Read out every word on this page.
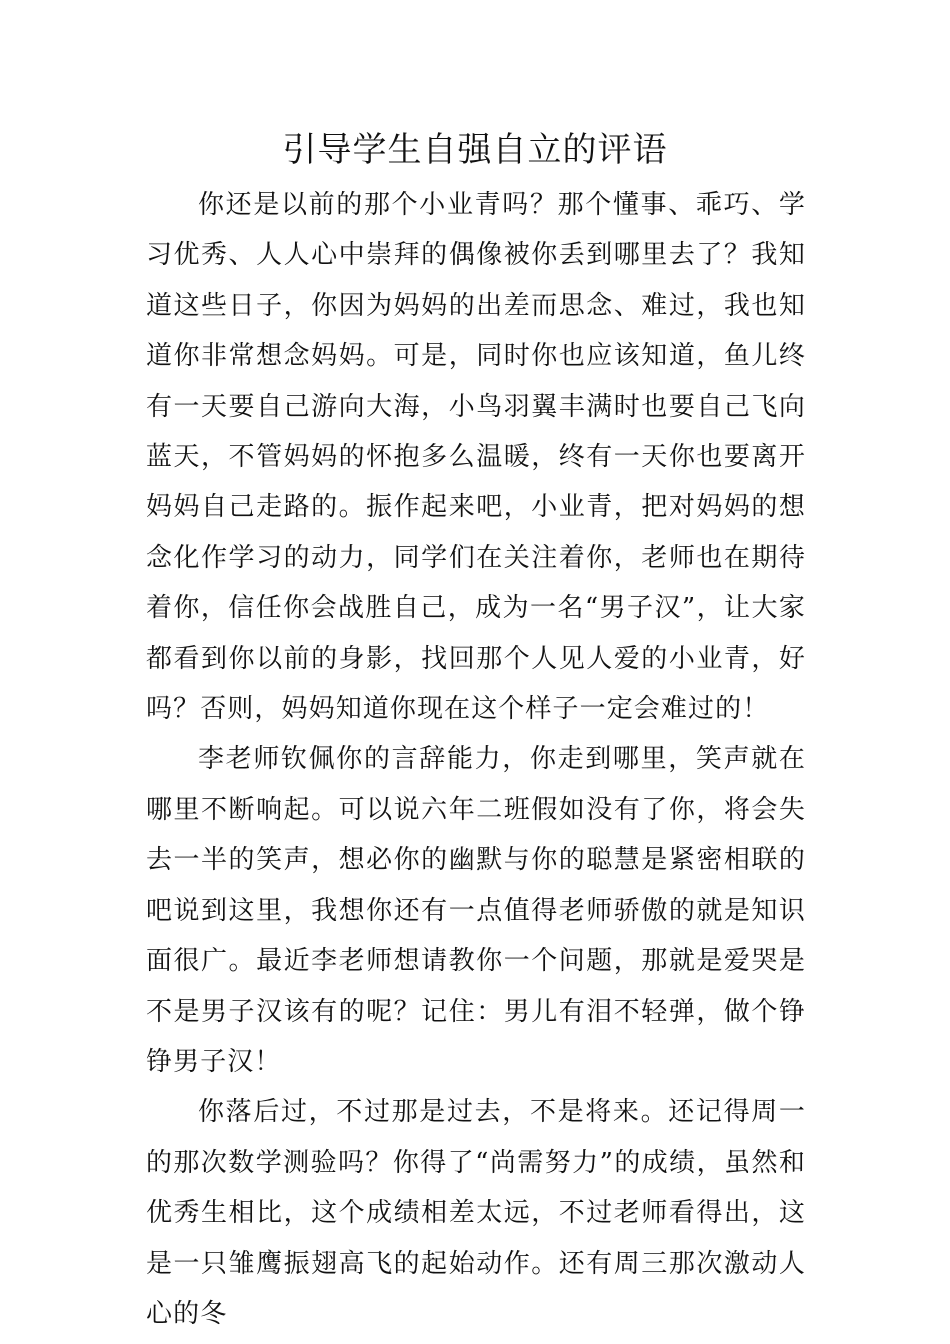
引导学生自强自立的评语

你还是以前的那个小业青吗？那个懂事、乖巧、学习优秀、人人心中崇拜的偶像被你丢到哪里去了？我知道这些日子，你因为妈妈的出差而思念、难过，我也知道你非常想念妈妈。可是，同时你也应该知道，鱼儿终有一天要自己游向大海，小鸟羽翼丰满时也要自己飞向蓝天，不管妈妈的怀抱多么温暖，终有一天你也要离开妈妈自己走路的。振作起来吧，小业青，把对妈妈的想念化作学习的动力，同学们在关注着你，老师也在期待着你，信任你会战胜自己，成为一名“男子汉”，让大家都看到你以前的身影，找回那个人见人爱的小业青，好吗？否则，妈妈知道你现在这个样子一定会难过的！

李老师钦佩你的言辞能力，你走到哪里，笑声就在哪里不断响起。可以说六年二班假如没有了你，将会失去一半的笑声，想必你的幽默与你的聪慧是紧密相联的吧说到这里，我想你还有一点值得老师骄傲的就是知识面很广。最近李老师想请教你一个问题，那就是爱哭是不是男子汉该有的呢？记住：男儿有泪不轻弹，做个铮铮男子汉！

你落后过，不过那是过去，不是将来。还记得周一的那次数学测验吗？你得了“尚需努力”的成绩，虽然和优秀生相比，这个成绩相差太远，不过老师看得出，这是一只雏鹰振翅高飞的起始动作。还有周三那次激动人心的冬
